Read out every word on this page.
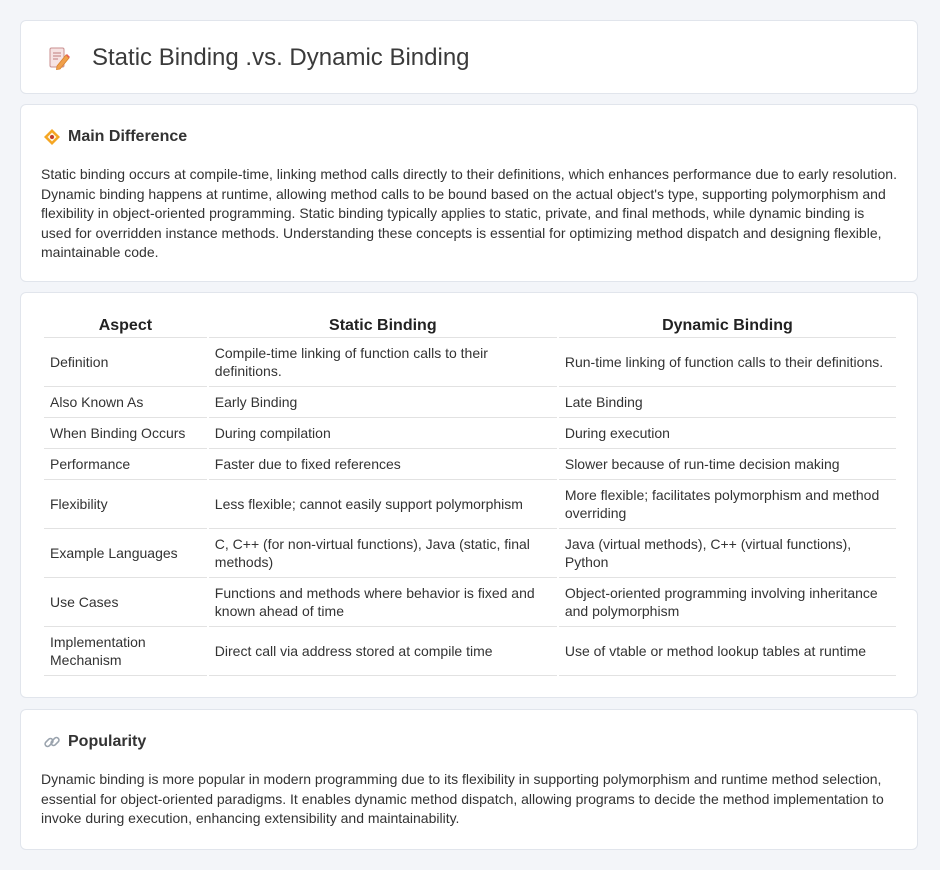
Static Binding .vs. Dynamic Binding
Main Difference

Static binding occurs at compile-time, linking method calls directly to their definitions, which enhances performance due to early resolution. Dynamic binding happens at runtime, allowing method calls to be bound based on the actual object's type, supporting polymorphism and flexibility in object-oriented programming. Static binding typically applies to static, private, and final methods, while dynamic binding is used for overridden instance methods. Understanding these concepts is essential for optimizing method dispatch and designing flexible, maintainable code.

Aspect	Static Binding	Dynamic Binding
Definition	Compile-time linking of function calls to their definitions.	Run-time linking of function calls to their definitions.
Also Known As	Early Binding	Late Binding
When Binding Occurs	During compilation	During execution
Performance	Faster due to fixed references	Slower because of run-time decision making
Flexibility	Less flexible; cannot easily support polymorphism	More flexible; facilitates polymorphism and method overriding
Example Languages	C, C++ (for non-virtual functions), Java (static, final methods)	Java (virtual methods), C++ (virtual functions), Python
Use Cases	Functions and methods where behavior is fixed and known ahead of time	Object-oriented programming involving inheritance and polymorphism
Implementation Mechanism	Direct call via address stored at compile time	Use of vtable or method lookup tables at runtime
Popularity

Dynamic binding is more popular in modern programming due to its flexibility in supporting polymorphism and runtime method selection, essential for object-oriented paradigms. It enables dynamic method dispatch, allowing programs to decide the method implementation to invoke during execution, enhancing extensibility and maintainability.
